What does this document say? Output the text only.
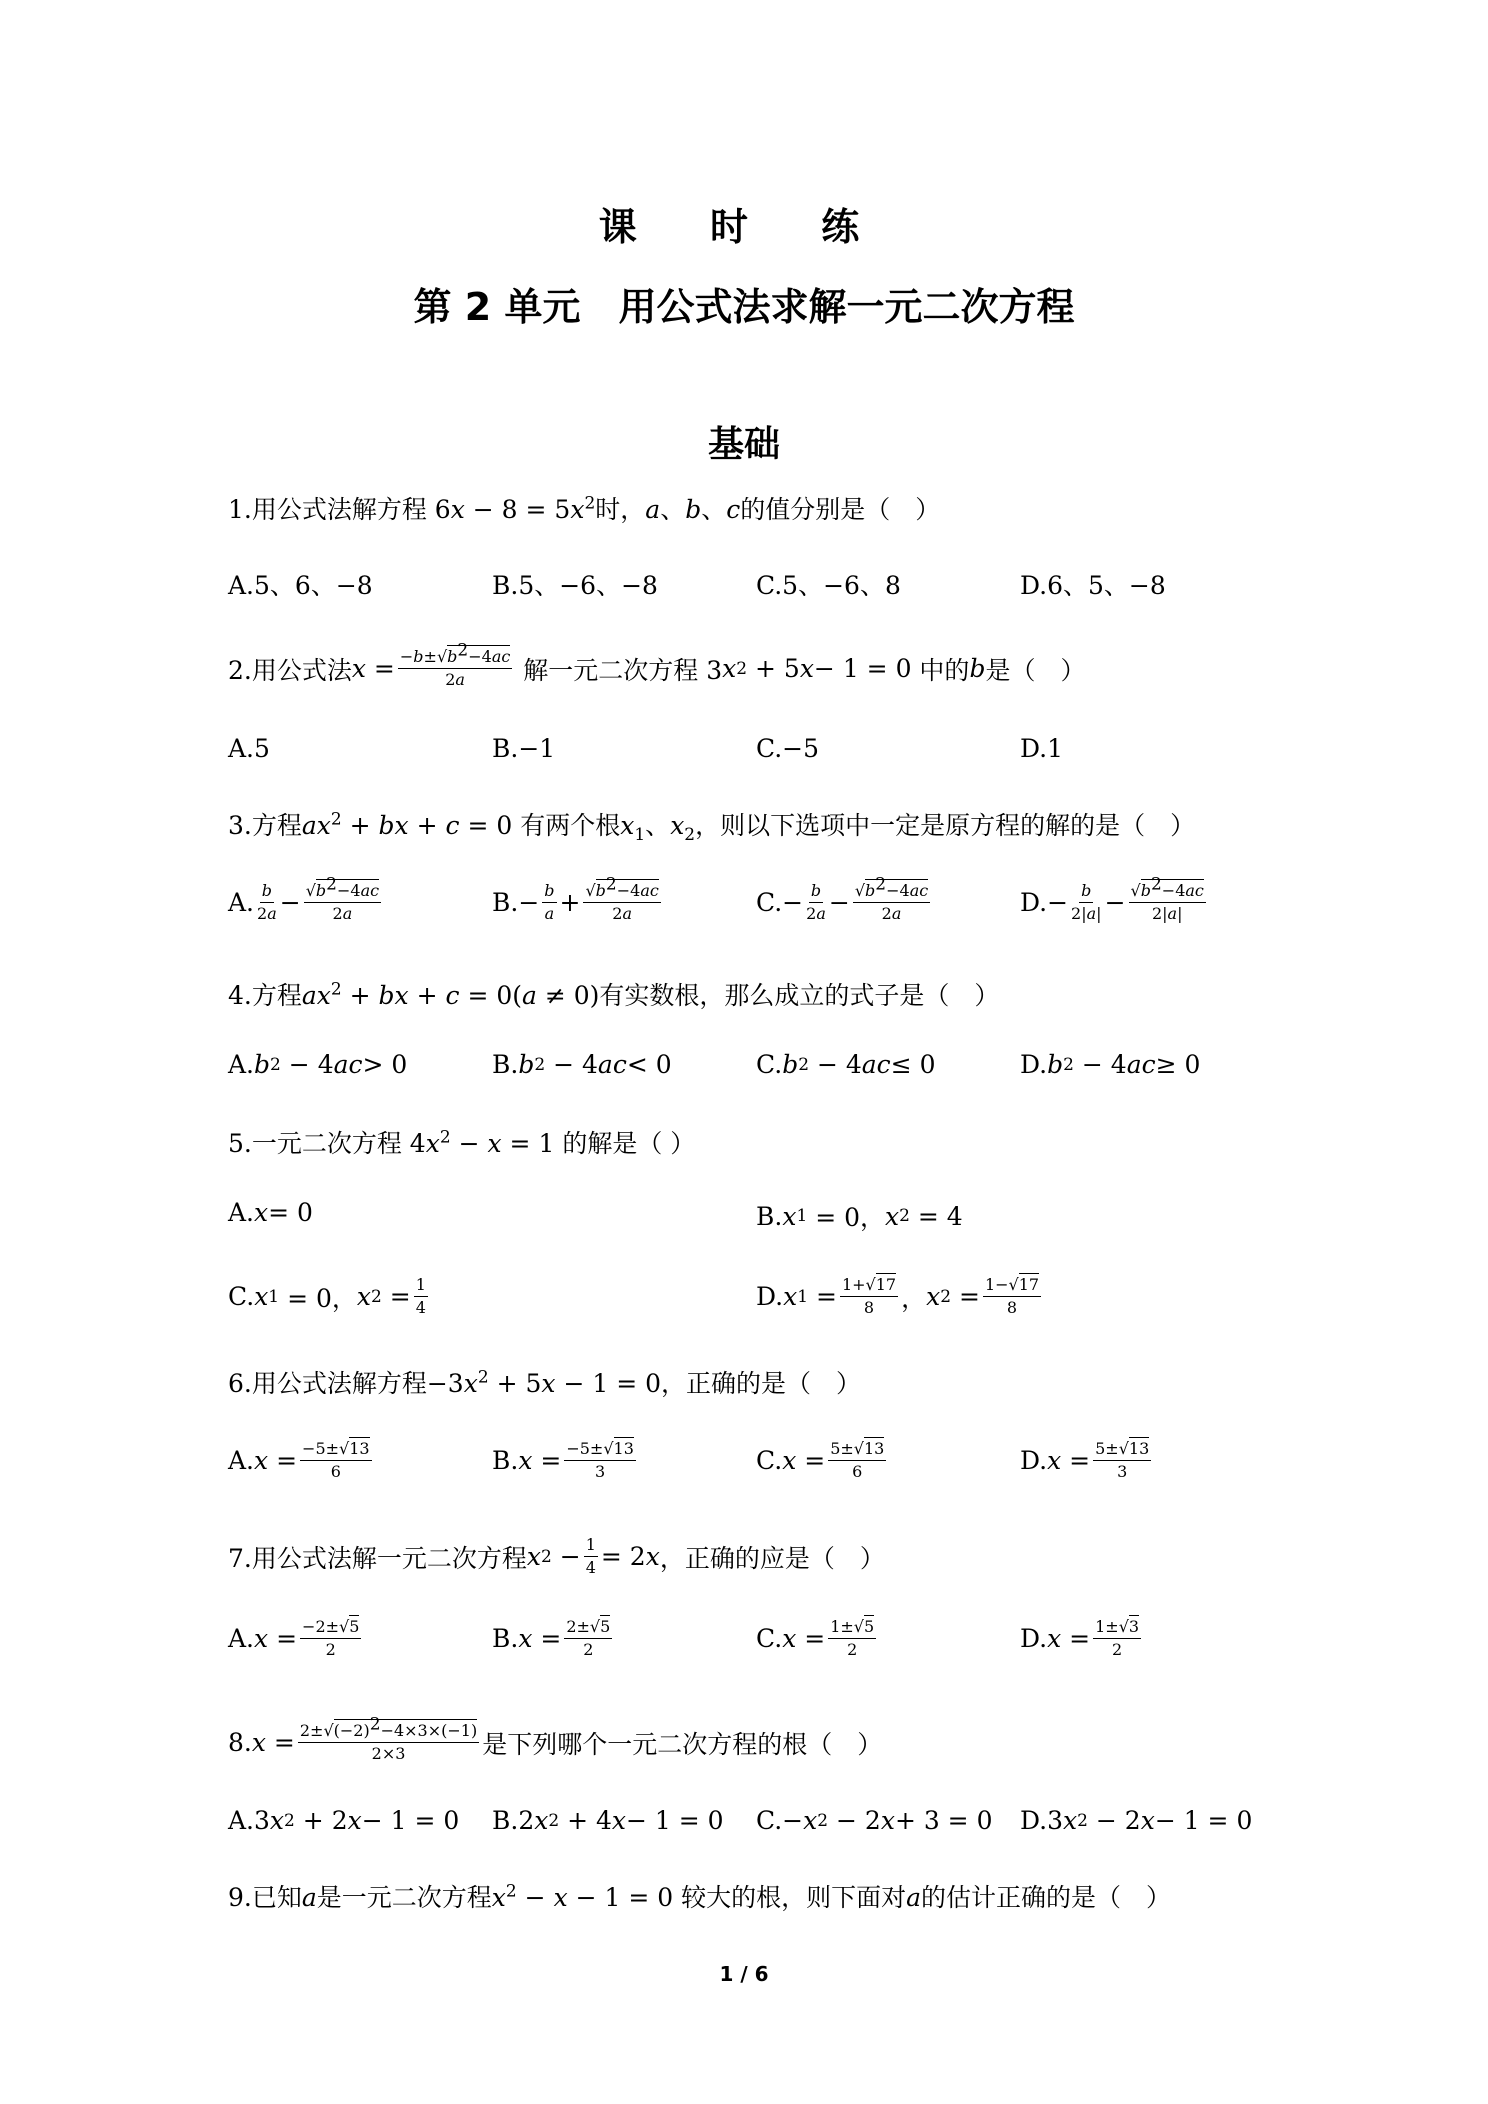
课 时 练
第 2 单元　用公式法求解一元二次方程
基础
1.用公式法解方程 $6x - 8 = 5x^2$时，a、b、c的值分别是（　）
A.5、6、−8	B.5、−6、−8	C.5、−6、8	D.6、5、−8
2.用公式法 $x = -b\pm√b^2-4ac$
2a
解一元二次方程 3 x 2 + 5 x − 1 = 0 中的 b 是（　）
A.5	B.−1	C.−5	D.1
3.方程$ax^2$ + bx + c = 0 有两个根$x_1$、$x_2$，则以下选项中一定是原方程的解的是（　）
A. b
$2a - √b^2-4ac$
2a	B.− b
$a + √b^2-4ac$
2a	C.− b
$2a - √b^2-4ac$
2a	D.− b
$2|a| - √b^2-4ac$
2|a|
4.方程$ax^2$ + bx + c = 0(a ≠ 0)有实数根，那么成立的式子是（　）
A. b 2 − 4 ac > 0	B. b 2 − 4 ac < 0	C. b 2 − 4 ac ≤ 0	D. b 2 − 4 ac ≥ 0
5.一元二次方程 $4x^2 - x = 1$ 的解是（ ）
A. x = 0	B. x 1 = 0， x 2 = 4
C. x 1 = 0， x 2 = 1
4	D. x 1 = 1+√17
8 ， x 2 = 1−√17
8
6.用公式法解方程$-3x^2 + 5x - 1 = 0$，正确的是（　）
A. x = −5±√13
6	B. x = −5±√13
3	C. x = 5±√13
6	D. x = 5±√13
3
7.用公式法解一元二次方程 x 2 − 1
4 = 2 x ，正确的应是（　）
A. x = −2±√5
2	B. x = 2±√5
2	C. x = 1±√5
2	D. x = 1±√3
2
8. $x = 2\pm√(-2)^2-4\times 3\times(-1)$
2×3	是下列哪个一元二次方程的根（　）
A.3 x 2 + 2 x − 1 = 0 B.2 x 2 + 4 x − 1 = 0 C.− x 2 − 2 x + 3 = 0 D.3 x 2 − 2 x − 1 = 0
9.已知a是一元二次方程$x^2 - x - 1 = 0$ 较大的根，则下面对a的估计正确的是（　）
1 / 6
